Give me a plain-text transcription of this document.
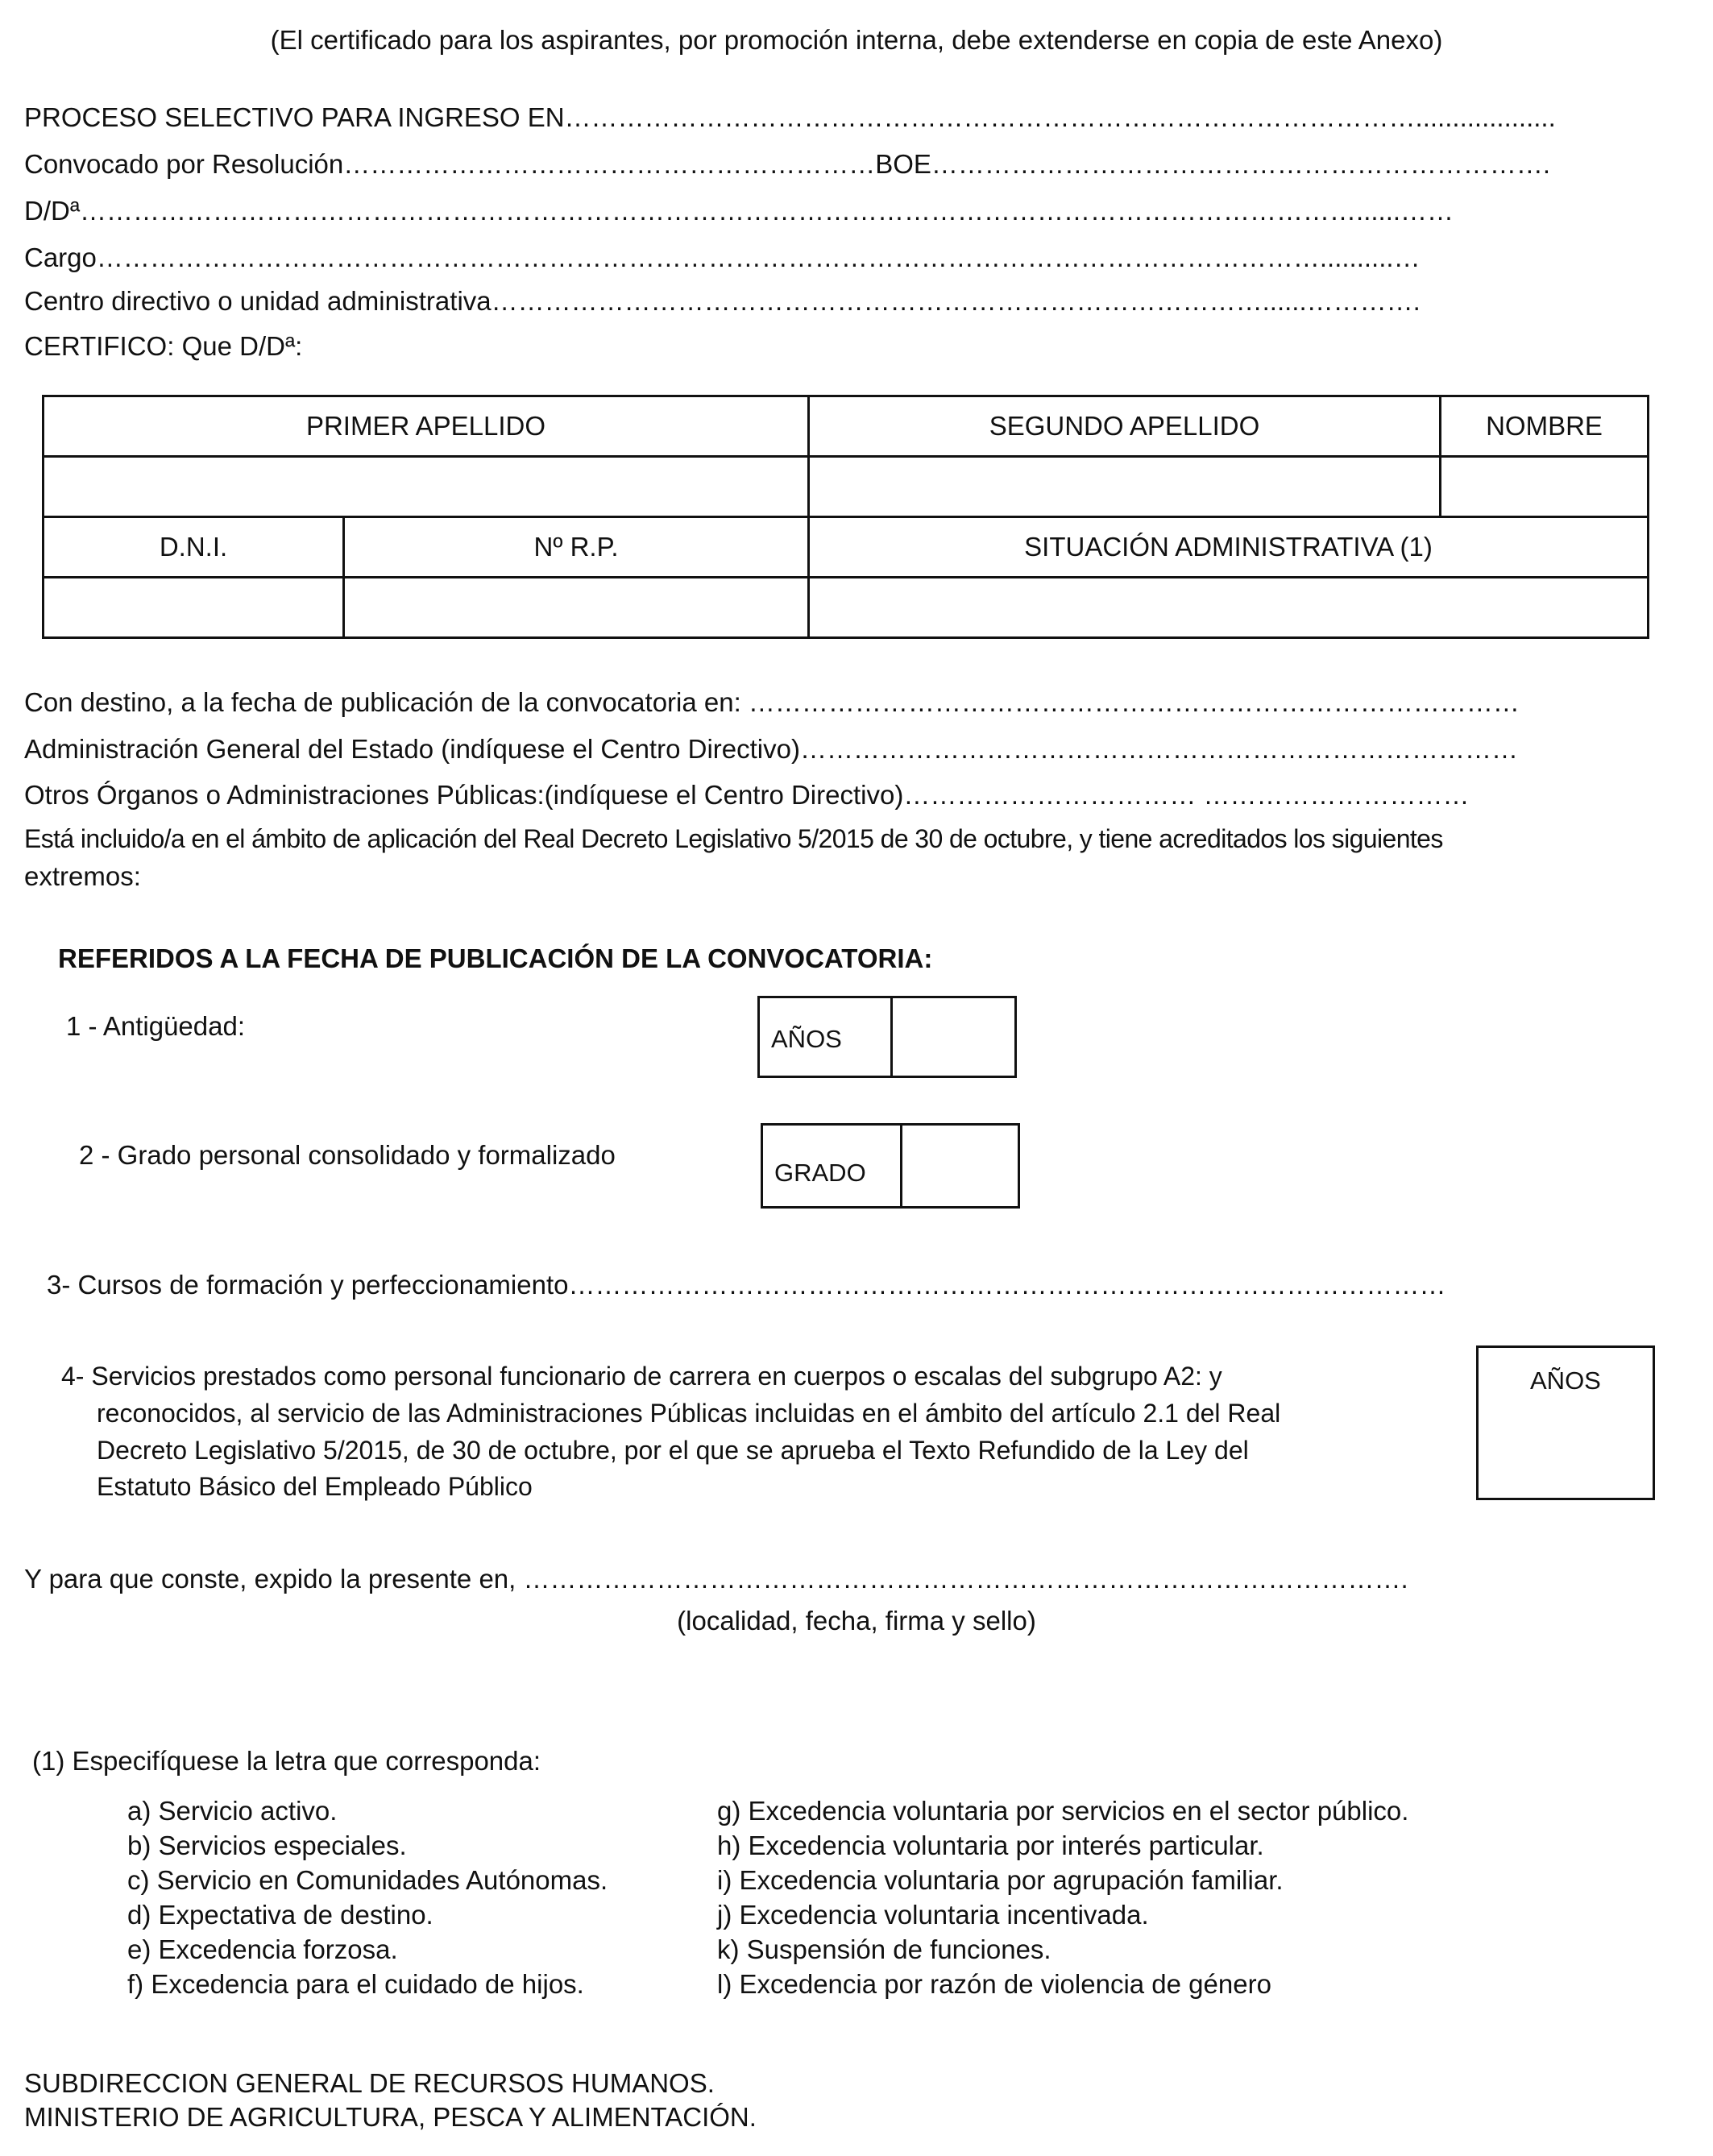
(El certificado para los aspirantes, por promoción interna, debe extenderse en copia de este Anexo)
PROCESO SELECTIVO PARA INGRESO EN……………………………………………………………………………………...................
Convocado por Resolución……………………………………………………BOE…………………………………………………………….
D/Dª………………………………………………………………………………………………………………………………......……
Cargo…………………………………………………………………………………………………………………………..........…
Centro directivo o unidad administrativa……………………………………………………………………………......………….
CERTIFICO: Que D/Dª:
PRIMER APELLIDO		SEGUNDO APELLIDO	NOMBRE

D.N.I.	Nº R.P.	SITUACIÓN ADMINISTRATIVA (1)	

Con destino, a la fecha de publicación de la convocatoria en: ……………………………………………………………………………
Administración General del Estado (indíquese el Centro Directivo)………………………………………………………………………
Otros Órganos o Administraciones Públicas:(indíquese el Centro Directivo)…………………………… …………………………
Está incluido/a en el ámbito de aplicación del Real Decreto Legislativo 5/2015 de 30 de octubre, y tiene acreditados los siguientes
extremos:
REFERIDOS A LA FECHA DE PUBLICACIÓN DE LA CONVOCATORIA:
1 - Antigüedad:	AÑOS
2 - Grado personal consolidado y formalizado
GRADO
3- Cursos de formación y perfeccionamiento………………………………………………………………………………………
4- Servicios prestados como personal funcionario de carrera en cuerpos o escalas del subgrupo A2: y
reconocidos, al servicio de las Administraciones Públicas incluidas en el ámbito del artículo 2.1 del Real
Decreto Legislativo 5/2015, de 30 de octubre, por el que se aprueba el Texto Refundido de la Ley del
Estatuto Básico del Empleado Público
AÑOS
Y para que conste, expido la presente en, ……………………………………………………………………………………….
(localidad, fecha, firma y sello)
(1) Especifíquese la letra que corresponda:
a) Servicio activo.
b) Servicios especiales.
c) Servicio en Comunidades Autónomas.
d) Expectativa de destino.
e) Excedencia forzosa.
f) Excedencia para el cuidado de hijos.
g) Excedencia voluntaria por servicios en el sector público.
h) Excedencia voluntaria por interés particular.
i) Excedencia voluntaria por agrupación familiar.
j) Excedencia voluntaria incentivada.
k) Suspensión de funciones.
l) Excedencia por razón de violencia de género
SUBDIRECCION GENERAL DE RECURSOS HUMANOS.
MINISTERIO DE AGRICULTURA, PESCA Y ALIMENTACIÓN.
